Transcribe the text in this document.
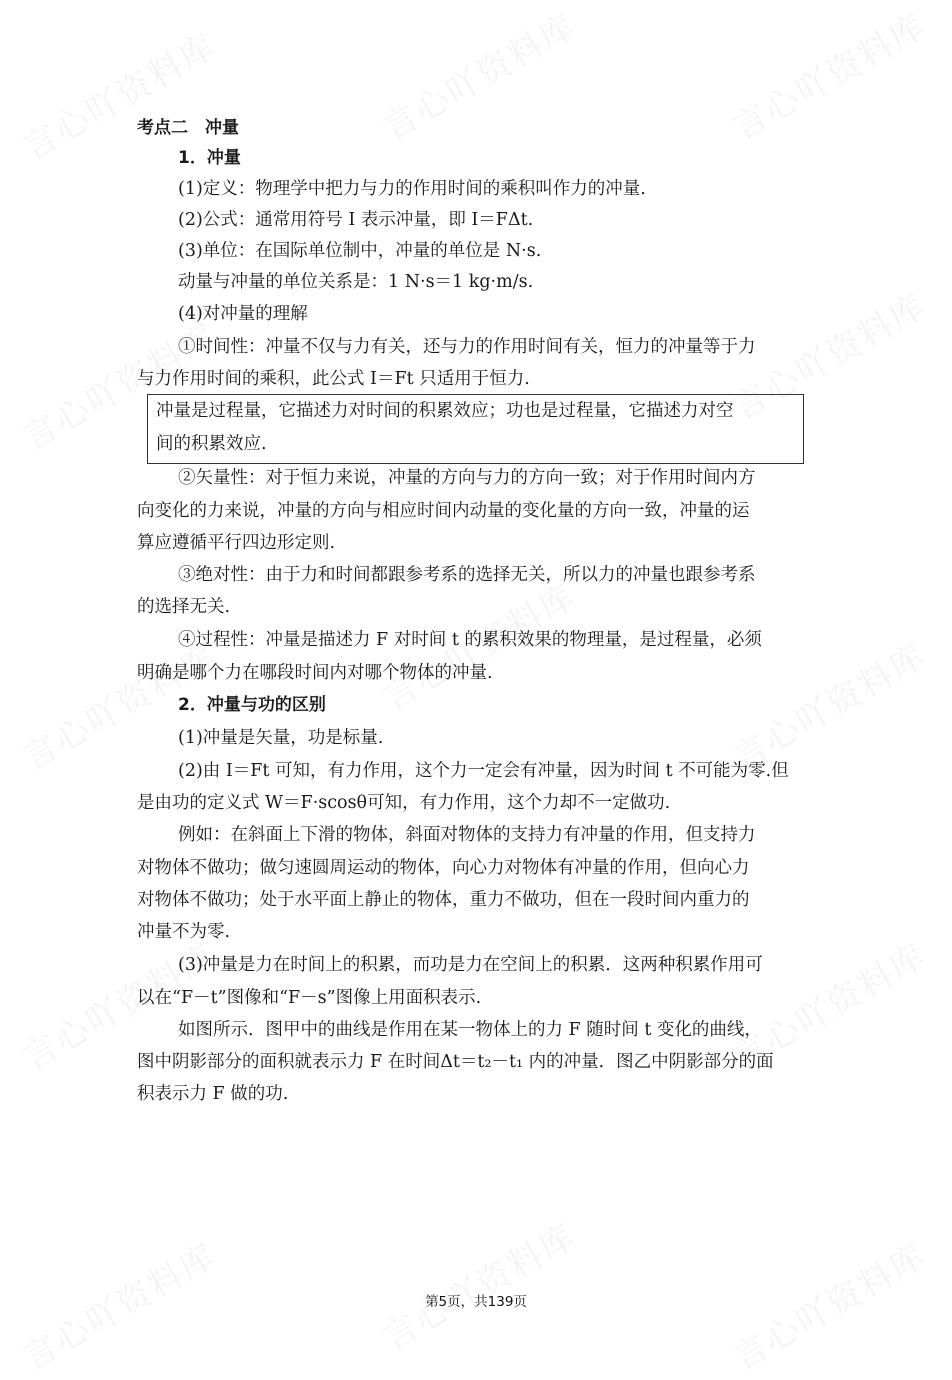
考点二　冲量
1．冲量
(1)定义：物理学中把力与力的作用时间的乘积叫作力的冲量.
(2)公式：通常用符号 I 表示冲量，即 I＝FΔt.
(3)单位：在国际单位制中，冲量的单位是 N·s.
动量与冲量的单位关系是：1 N·s＝1 kg·m/s.
(4)对冲量的理解
①时间性：冲量不仅与力有关，还与力的作用时间有关，恒力的冲量等于力
与力作用时间的乘积，此公式 I＝Ft 只适用于恒力.
冲量是过程量，它描述力对时间的积累效应；功也是过程量，它描述力对空
间的积累效应.
②矢量性：对于恒力来说，冲量的方向与力的方向一致；对于作用时间内方
向变化的力来说，冲量的方向与相应时间内动量的变化量的方向一致，冲量的运
算应遵循平行四边形定则.
③绝对性：由于力和时间都跟参考系的选择无关，所以力的冲量也跟参考系
的选择无关.
④过程性：冲量是描述力 F 对时间 t 的累积效果的物理量，是过程量，必须
明确是哪个力在哪段时间内对哪个物体的冲量.
2．冲量与功的区别
(1)冲量是矢量，功是标量.
(2)由 I＝Ft 可知，有力作用，这个力一定会有冲量，因为时间 t 不可能为零.但
是由功的定义式 W＝F·scosθ可知，有力作用，这个力却不一定做功.
例如：在斜面上下滑的物体，斜面对物体的支持力有冲量的作用，但支持力
对物体不做功；做匀速圆周运动的物体，向心力对物体有冲量的作用，但向心力
对物体不做功；处于水平面上静止的物体，重力不做功，但在一段时间内重力的
冲量不为零.
(3)冲量是力在时间上的积累，而功是力在空间上的积累．这两种积累作用可
以在“F－t”图像和“F－s”图像上用面积表示.
如图所示．图甲中的曲线是作用在某一物体上的力 F 随时间 t 变化的曲线，
图中阴影部分的面积就表示力 F 在时间Δt＝t₂－t₁ 内的冲量．图乙中阴影部分的面
积表示力 F 做的功.
第5页，共139页
